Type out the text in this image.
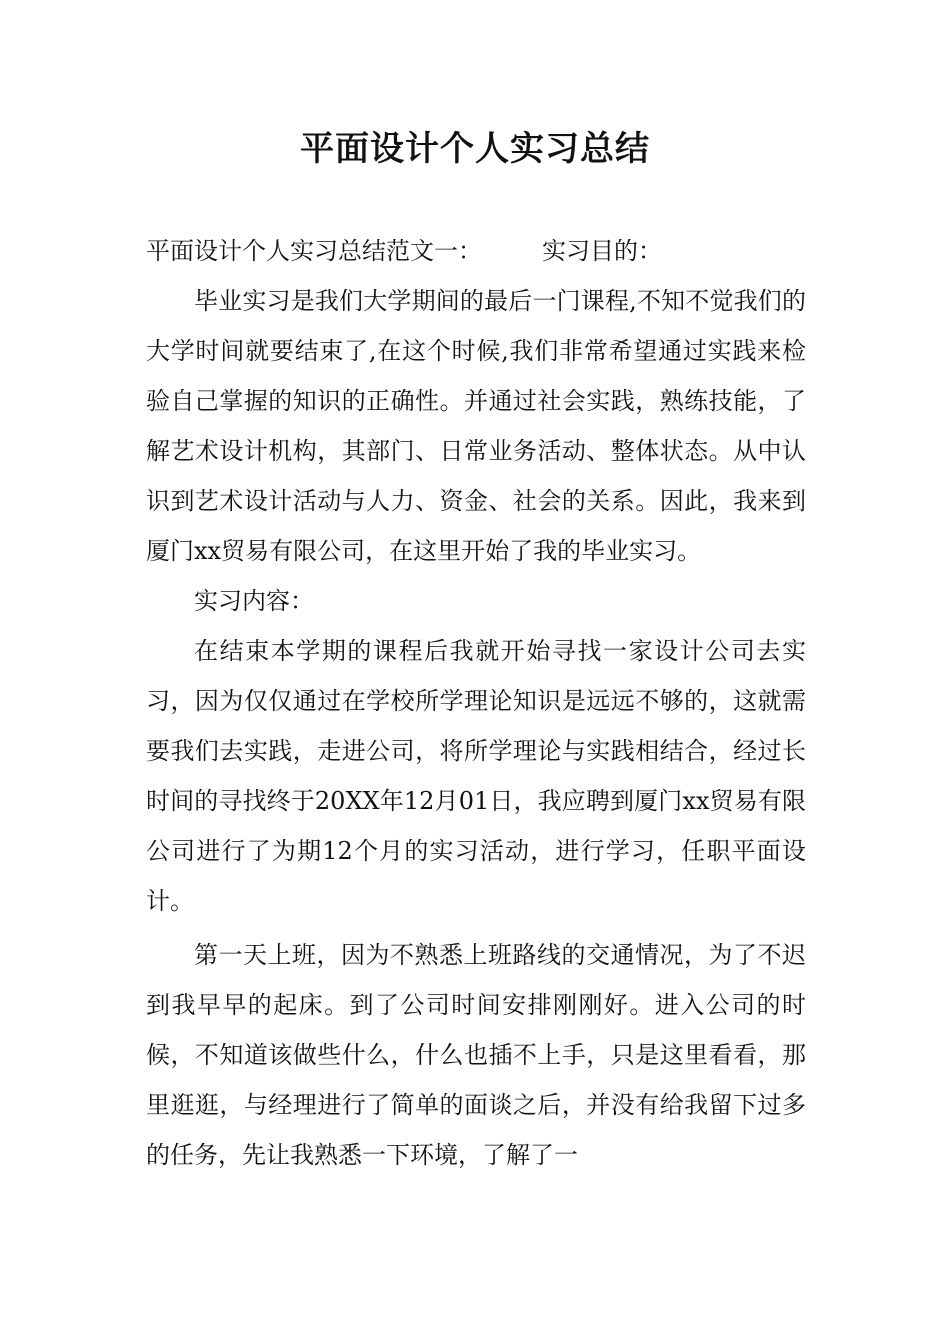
平面设计个人实习总结

平面设计个人实习总结范文一：	实习目的：

毕业实习是我们大学期间的最后一门课程,不知不觉我们的大学时间就要结束了,在这个时候,我们非常希望通过实践来检验自己掌握的知识的正确性。并通过社会实践，熟练技能，了解艺术设计机构，其部门、日常业务活动、整体状态。从中认识到艺术设计活动与人力、资金、社会的关系。因此，我来到厦门xx贸易有限公司，在这里开始了我的毕业实习。

实习内容：

在结束本学期的课程后我就开始寻找一家设计公司去实习，因为仅仅通过在学校所学理论知识是远远不够的，这就需要我们去实践，走进公司，将所学理论与实践相结合，经过长时间的寻找终于20XX年12月01日，我应聘到厦门xx贸易有限公司进行了为期12个月的实习活动，进行学习，任职平面设计。

第一天上班，因为不熟悉上班路线的交通情况，为了不迟到我早早的起床。到了公司时间安排刚刚好。进入公司的时候，不知道该做些什么，什么也插不上手，只是这里看看，那里逛逛，与经理进行了简单的面谈之后，并没有给我留下过多的任务，先让我熟悉一下环境，了解了一
